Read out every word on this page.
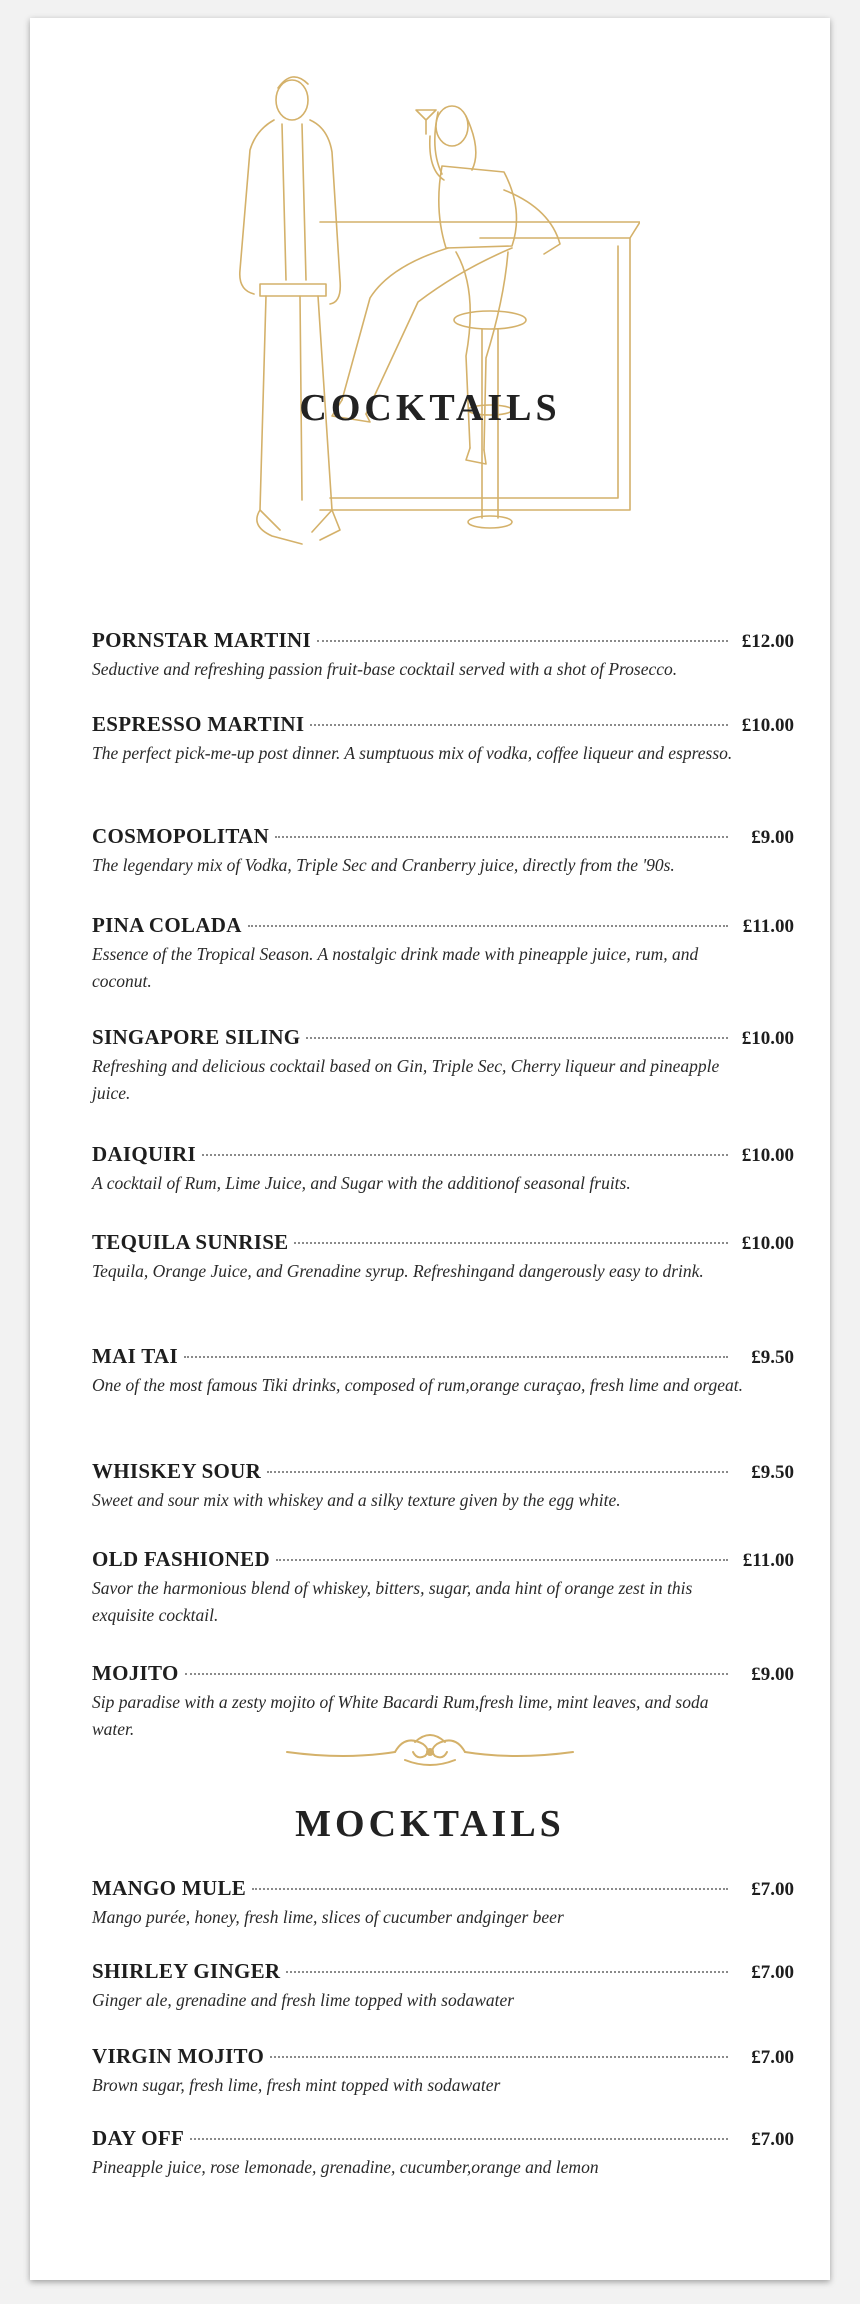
COCKTAILS
PORNSTAR MARTINI	£12.00
Seductive and refreshing passion fruit-base cocktail served with a shot of Prosecco.
ESPRESSO MARTINI	£10.00
The perfect pick-me-up post dinner. A sumptuous mix of vodka, coffee liqueur and espresso.
COSMOPOLITAN	£9.00
The legendary mix of Vodka, Triple Sec and Cranberry juice, directly from the '90s.
PINA COLADA	£11.00
Essence of the Tropical Season. A nostalgic drink made with pineapple juice, rum, and coconut.
SINGAPORE SILING	£10.00
Refreshing and delicious cocktail based on Gin, Triple Sec, Cherry liqueur and pineapple juice.
DAIQUIRI	£10.00
A cocktail of Rum, Lime Juice, and Sugar with the additionof seasonal fruits.
TEQUILA SUNRISE	£10.00
Tequila, Orange Juice, and Grenadine syrup. Refreshingand dangerously easy to drink.
MAI TAI	£9.50
One of the most famous Tiki drinks, composed of rum,orange curaçao, fresh lime and orgeat.
WHISKEY SOUR	£9.50
Sweet and sour mix with whiskey and a silky texture given by the egg white.
OLD FASHIONED	£11.00
Savor the harmonious blend of whiskey, bitters, sugar, anda hint of orange zest in this exquisite cocktail.
MOJITO	£9.00
Sip paradise with a zesty mojito of White Bacardi Rum,fresh lime, mint leaves, and soda water.
MOCKTAILS
MANGO MULE	£7.00
Mango purée, honey, fresh lime, slices of cucumber andginger beer
SHIRLEY GINGER	£7.00
Ginger ale, grenadine and fresh lime topped with sodawater
VIRGIN MOJITO	£7.00
Brown sugar, fresh lime, fresh mint topped with sodawater
DAY OFF	£7.00
Pineapple juice, rose lemonade, grenadine, cucumber,orange and lemon
